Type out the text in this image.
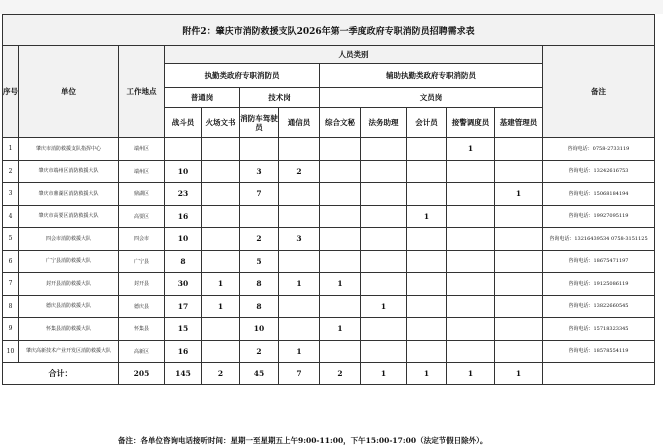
附件2：肇庆市消防救援支队2026年第一季度政府专职消防员招聘需求表												
序号	单位	工作地点	人员类别									备注
			执勤类政府专职消防员				辅助执勤类政府专职消防员					
			普通岗		技术岗		文员岗					
			战斗员	火场文书	消防车驾驶员	通信员	综合文秘	法务助理	会计员	接警调度员	基建管理员	
1	肇庆市消防救援支队指挥中心	端州区								1		咨询电话：0758-2733119
2	肇庆市端州区消防救援大队	端州区	10		3	2						咨询电话：13242616753
3	肇庆市鼎湖区消防救援大队	鼎湖区	23		7						1	咨询电话：15068184194
4	肇庆市高要区消防救援大队	高要区	16						1			咨询电话：19927095119
5	四会市消防救援大队	四会市	10		2	3						咨询电话：13216439534 0758-3151125
6	广宁县消防救援大队	广宁县	8		5							咨询电话：18675471197
7	封开县消防救援大队	封开县	30	1	8	1	1					咨询电话：19125086119
8	德庆县消防救援大队	德庆县	17	1	8			1				咨询电话：13822660545
9	怀集县消防救援大队	怀集县	15		10		1					咨询电话：15718323345
10	肇庆高新技术产业开发区消防救援大队	高新区	16		2	1						咨询电话：18578554119
合计：		205	145	2	45	7	2	1	1	1	1	
备注：各单位咨询电话接听时间：星期一至星期五上午9:00-11:00，下午15:00-17:00（法定节假日除外）。
